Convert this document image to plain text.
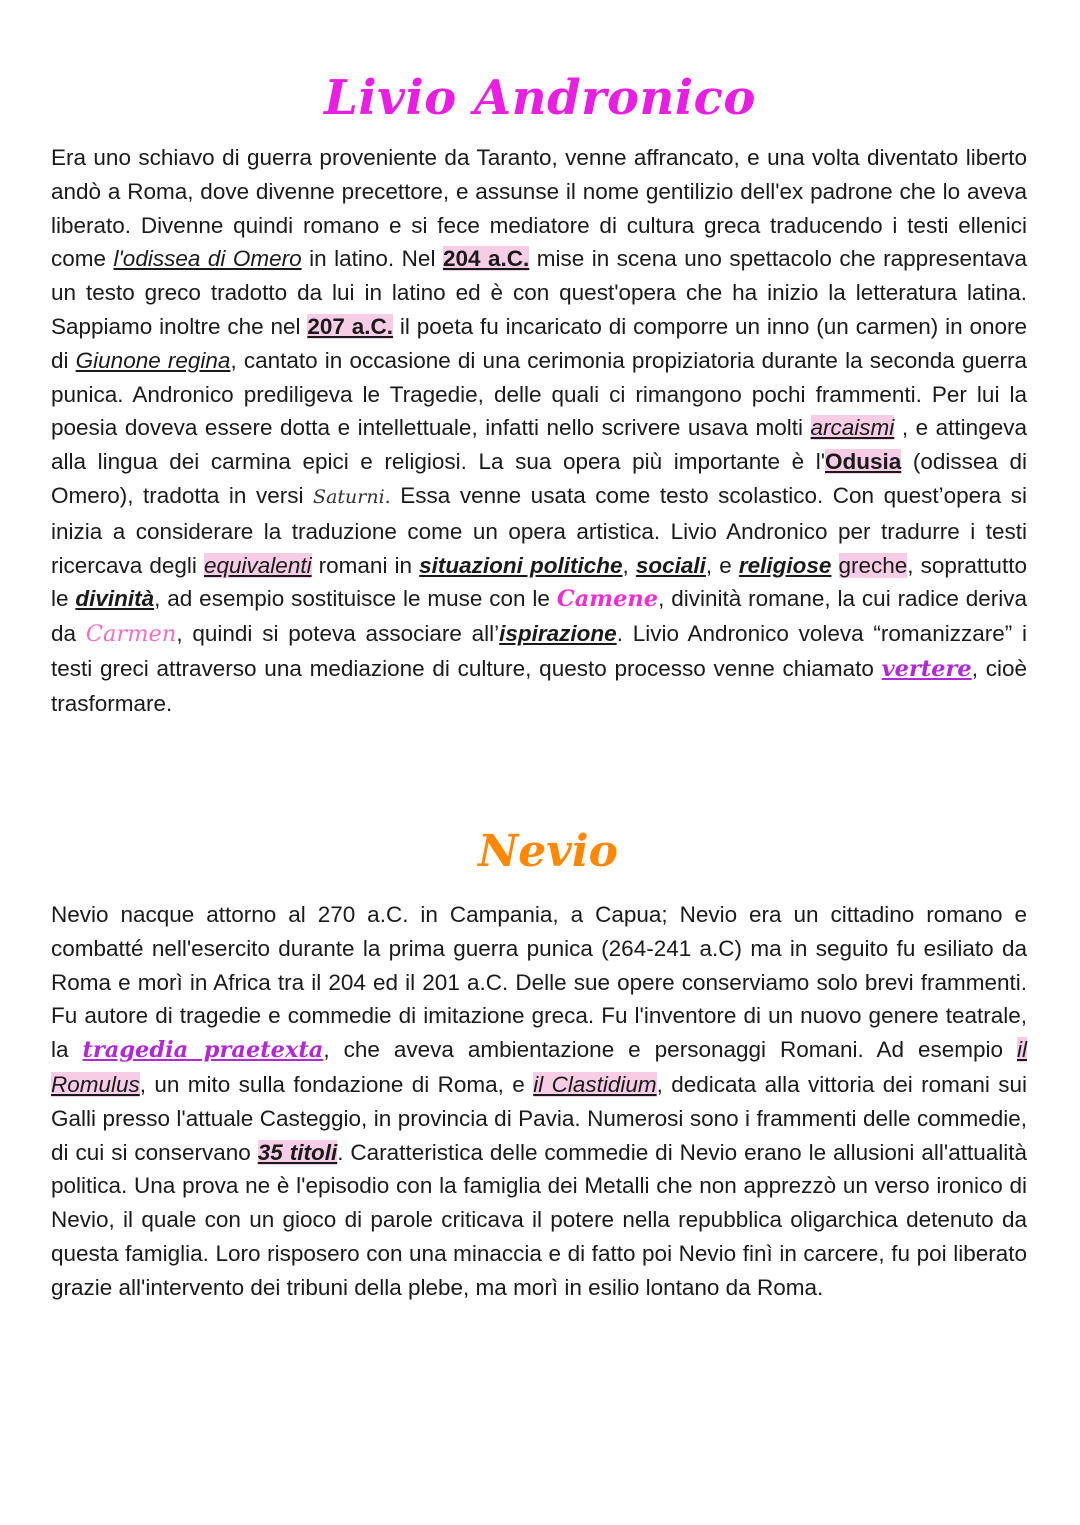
Livio Andronico

Era uno schiavo di guerra proveniente da Taranto, venne affrancato, e una volta diventato liberto andò a Roma, dove divenne precettore, e assunse il nome gentilizio dell'ex padrone che lo aveva liberato. Divenne quindi romano e si fece mediatore di cultura greca traducendo i testi ellenici come l'odissea di Omero in latino. Nel 204 a.C. mise in scena uno spettacolo che rappresentava un testo greco tradotto da lui in latino ed è con quest'opera che ha inizio la letteratura latina. Sappiamo inoltre che nel 207 a.C. il poeta fu incaricato di comporre un inno (un carmen) in onore di Giunone regina, cantato in occasione di una cerimonia propiziatoria durante la seconda guerra punica. Andronico prediligeva le Tragedie, delle quali ci rimangono pochi frammenti. Per lui la poesia doveva essere dotta e intellettuale, infatti nello scrivere usava molti arcaismi , e attingeva alla lingua dei carmina epici e religiosi. La sua opera più importante è l'Odusia (odissea di Omero), tradotta in versi Saturni. Essa venne usata come testo scolastico. Con quest’opera si inizia a considerare la traduzione come un opera artistica. Livio Andronico per tradurre i testi ricercava degli equivalenti romani in situazioni politiche, sociali, e religiose greche, soprattutto le divinità, ad esempio sostituisce le muse con le Camene, divinità romane, la cui radice deriva da Carmen, quindi si poteva associare all’ispirazione. Livio Andronico voleva “romanizzare” i testi greci attraverso una mediazione di culture, questo processo venne chiamato vertere, cioè trasformare.

Nevio

Nevio nacque attorno al 270 a.C. in Campania, a Capua; Nevio era un cittadino romano e combatté nell'esercito durante la prima guerra punica (264-241 a.C) ma in seguito fu esiliato da Roma e morì in Africa tra il 204 ed il 201 a.C. Delle sue opere conserviamo solo brevi frammenti. Fu autore di tragedie e commedie di imitazione greca. Fu l'inventore di un nuovo genere teatrale, la tragedia praetexta, che aveva ambientazione e personaggi Romani. Ad esempio il Romulus, un mito sulla fondazione di Roma, e il Clastidium, dedicata alla vittoria dei romani sui Galli presso l'attuale Casteggio, in provincia di Pavia. Numerosi sono i frammenti delle commedie, di cui si conservano 35 titoli. Caratteristica delle commedie di Nevio erano le allusioni all'attualità politica. Una prova ne è l'episodio con la famiglia dei Metalli che non apprezzò un verso ironico di Nevio, il quale con un gioco di parole criticava il potere nella repubblica oligarchica detenuto da questa famiglia. Loro risposero con una minaccia e di fatto poi Nevio finì in carcere, fu poi liberato grazie all'intervento dei tribuni della plebe, ma morì in esilio lontano da Roma.
